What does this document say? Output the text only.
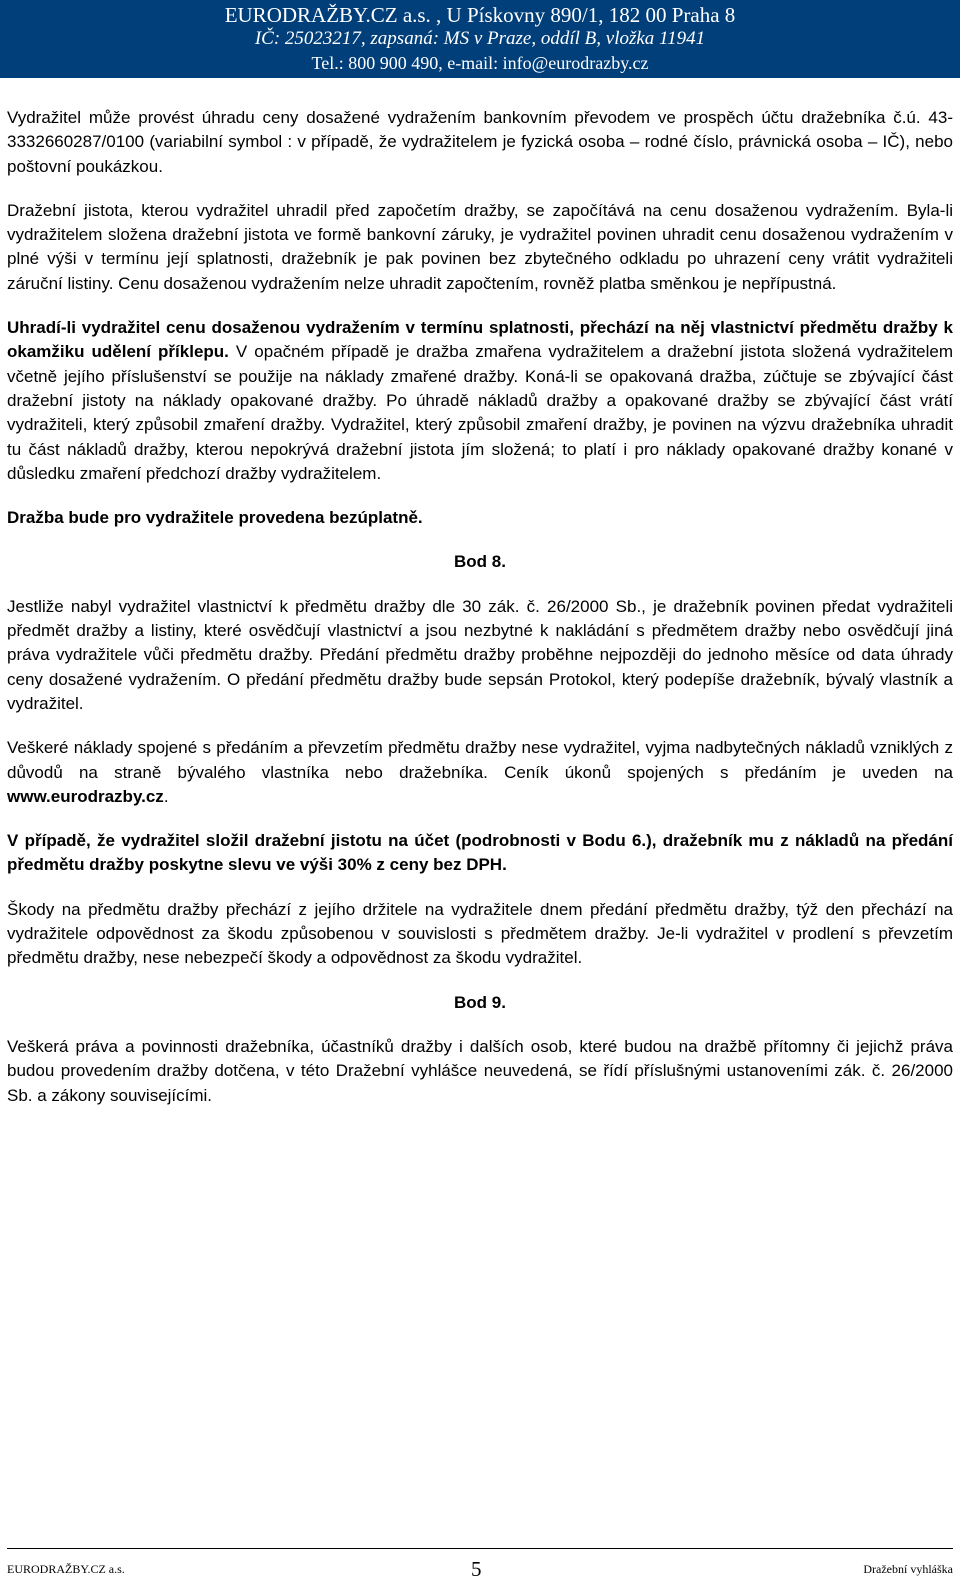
EURODRAŽBY.CZ a.s. , U Pískovny 890/1, 182 00 Praha 8
IČ: 25023217, zapsaná: MS v Praze, oddíl B, vložka 11941
Tel.: 800 900 490, e-mail: info@eurodrazby.cz

Vydražitel může provést úhradu ceny dosažené vydražením bankovním převodem ve prospěch účtu dražebníka č.ú. 43-3332660287/0100 (variabilní symbol : v případě, že vydražitelem je fyzická osoba – rodné číslo, právnická osoba – IČ), nebo poštovní poukázkou.

Dražební jistota, kterou vydražitel uhradil před započetím dražby, se započítává na cenu dosaženou vydražením. Byla-li vydražitelem složena dražební jistota ve formě bankovní záruky, je vydražitel povinen uhradit cenu dosaženou vydražením v plné výši v termínu její splatnosti, dražebník je pak povinen bez zbytečného odkladu po uhrazení ceny vrátit vydražiteli záruční listiny. Cenu dosaženou vydražením nelze uhradit započtením, rovněž platba směnkou je nepřípustná.

Uhradí-li vydražitel cenu dosaženou vydražením v termínu splatnosti, přechází na něj vlastnictví předmětu dražby k okamžiku udělení příklepu. V opačném případě je dražba zmařena vydražitelem a dražební jistota složená vydražitelem včetně jejího příslušenství se použije na náklady zmařené dražby. Koná-li se opakovaná dražba, zúčtuje se zbývající část dražební jistoty na náklady opakované dražby. Po úhradě nákladů dražby a opakované dražby se zbývající část vrátí vydražiteli, který způsobil zmaření dražby. Vydražitel, který způsobil zmaření dražby, je povinen na výzvu dražebníka uhradit tu část nákladů dražby, kterou nepokrývá dražební jistota jím složená; to platí i pro náklady opakované dražby konané v důsledku zmaření předchozí dražby vydražitelem.

Dražba bude pro vydražitele provedena bezúplatně.

Bod 8.

Jestliže nabyl vydražitel vlastnictví k předmětu dražby dle 30 zák. č. 26/2000 Sb., je dražebník povinen předat vydražiteli předmět dražby a listiny, které osvědčují vlastnictví a jsou nezbytné k nakládání s předmětem dražby nebo osvědčují jiná práva vydražitele vůči předmětu dražby. Předání předmětu dražby proběhne nejpozději do jednoho měsíce od data úhrady ceny dosažené vydražením. O předání předmětu dražby bude sepsán Protokol, který podepíše dražebník, bývalý vlastník a vydražitel.

Veškeré náklady spojené s předáním a převzetím předmětu dražby nese vydražitel, vyjma nadbytečných nákladů vzniklých z důvodů na straně bývalého vlastníka nebo dražebníka. Ceník úkonů spojených s předáním je uveden na www.eurodrazby.cz.

V případě, že vydražitel složil dražební jistotu na účet (podrobnosti v Bodu 6.), dražebník mu z nákladů na předání předmětu dražby poskytne slevu ve výši 30% z ceny bez DPH.

Škody na předmětu dražby přechází z jejího držitele na vydražitele dnem předání předmětu dražby, týž den přechází na vydražitele odpovědnost za škodu způsobenou v souvislosti s předmětem dražby. Je-li vydražitel v prodlení s převzetím předmětu dražby, nese nebezpečí škody a odpovědnost za škodu vydražitel.

Bod 9.

Veškerá práva a povinnosti dražebníka, účastníků dražby i dalších osob, které budou na dražbě přítomny či jejichž práva budou provedením dražby dotčena, v této Dražební vyhlášce neuvedená, se řídí příslušnými ustanoveními zák. č. 26/2000 Sb. a zákony souvisejícími.

EURODRAŽBY.CZ a.s.	5	Dražební vyhláška
